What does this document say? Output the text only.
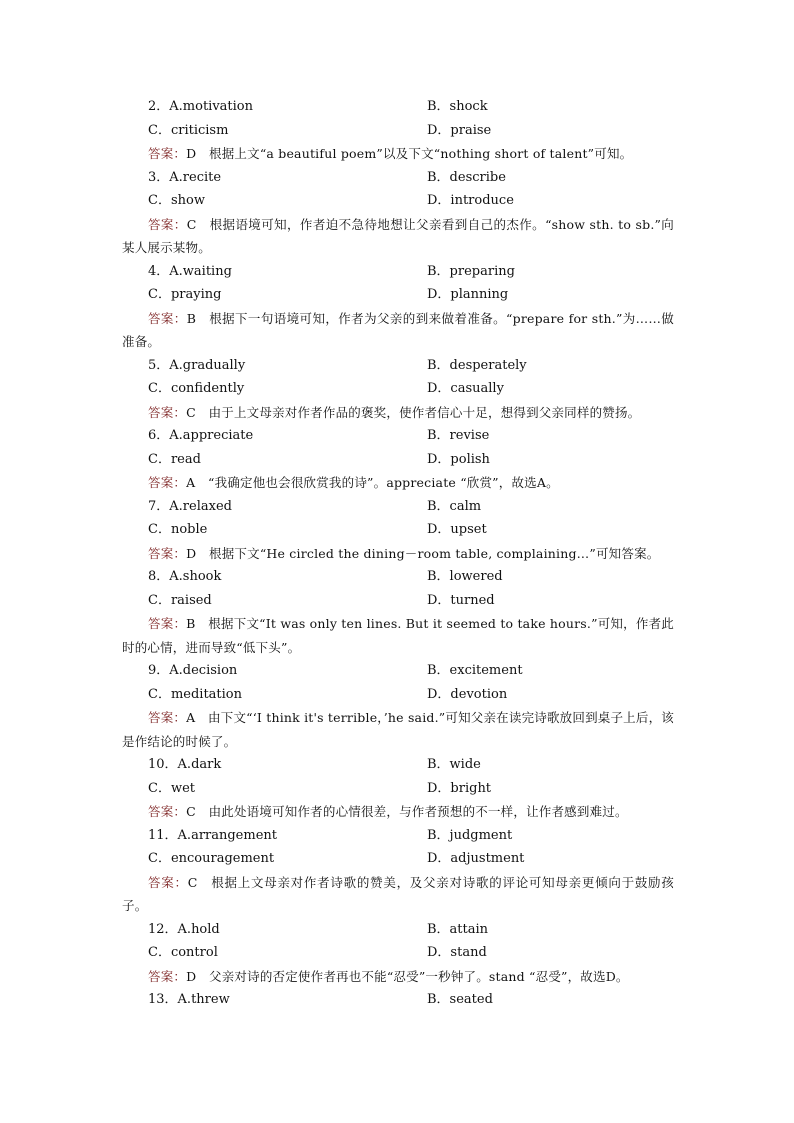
2．A.motivation	B．shock
C．criticism	D．praise
答案：D　根据上文“a beautiful poem”以及下文“nothing short of talent”可知。
3．A.recite	B．describe
C．show	D．introduce
答案：C　根据语境可知，作者迫不急待地想让父亲看到自己的杰作。“show sth. to sb.”向某人展示某物。
4．A.waiting	B．preparing
C．praying	D．planning
答案：B　根据下一句语境可知，作者为父亲的到来做着准备。“prepare for sth.”为……做准备。
5．A.gradually	B．desperately
C．confidently	D．casually
答案：C　由于上文母亲对作者作品的褒奖，使作者信心十足，想得到父亲同样的赞扬。
6．A.appreciate	B．revise
C．read	D．polish
答案：A　“我确定他也会很欣赏我的诗”。appreciate “欣赏”，故选A。
7．A.relaxed	B．calm
C．noble	D．upset
答案：D　根据下文“He circled the dining－room table, complaining…”可知答案。
8．A.shook	B．lowered
C．raised	D．turned
答案：B　根据下文“It was only ten lines. But it seemed to take hours.”可知，作者此时的心情，进而导致“低下头”。
9．A.decision	B．excitement
C．meditation	D．devotion
答案：A　由下文“‘I think it's terrible，’he said.”可知父亲在读完诗歌放回到桌子上后，该是作结论的时候了。
10．A.dark	B．wide
C．wet	D．bright
答案：C　由此处语境可知作者的心情很差，与作者预想的不一样，让作者感到难过。
11．A.arrangement	B．judgment
C．encouragement	D．adjustment
答案：C　根据上文母亲对作者诗歌的赞美，及父亲对诗歌的评论可知母亲更倾向于鼓励孩子。
12．A.hold	B．attain
C．control	D．stand
答案：D　父亲对诗的否定使作者再也不能“忍受”一秒钟了。stand “忍受”，故选D。
13．A.threw	B．seated
